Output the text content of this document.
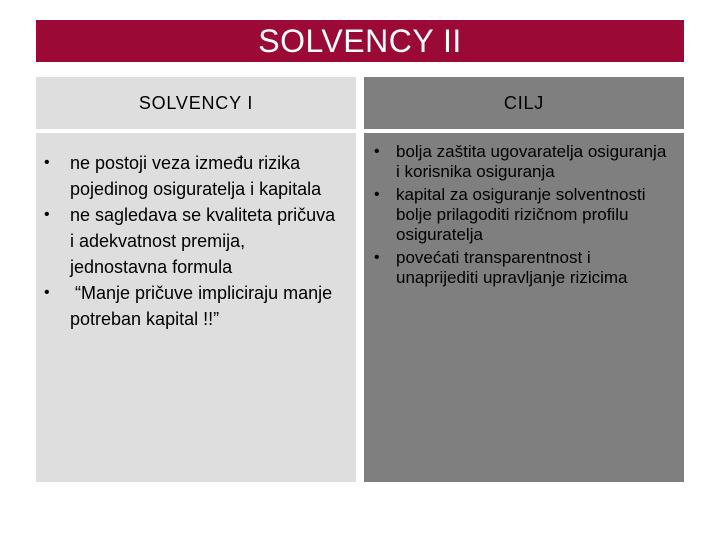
SOLVENCY II
SOLVENCY I	CILJ
• ne postoji veza između rizika pojedinog osiguratelja i kapitala
• ne sagledava se kvaliteta pričuva i adekvatnost premija, jednostavna formula
• “Manje pričuve impliciraju manje potreban kapital !!”
• bolja zaštita ugovaratelja osiguranja i korisnika osiguranja
• kapital za osiguranje solventnosti bolje prilagoditi rizičnom profilu osiguratelja
• povećati transparentnost i unaprijediti upravljanje rizicima
